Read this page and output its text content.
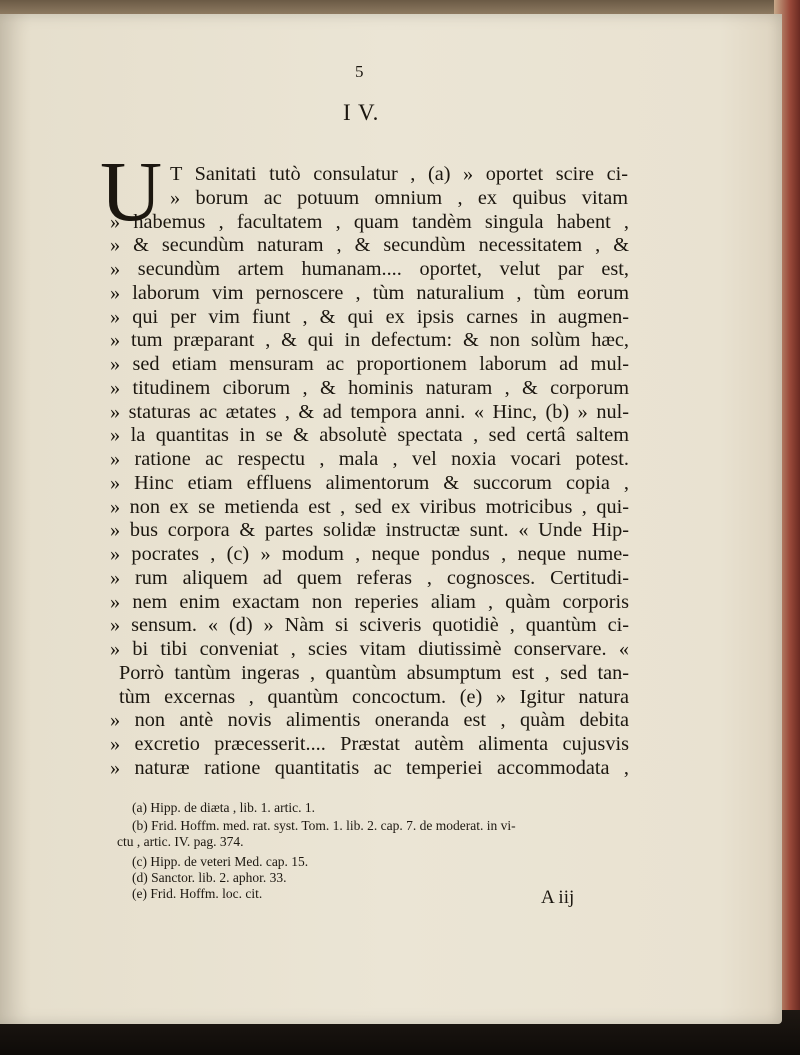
5
I V.
U T Sanitati tutò consulatur , (a) » oportet scire ci-
» borum ac potuum omnium , ex quibus vitam
» habemus , facultatem , quam tandèm singula habent ,
» & secundùm naturam , & secundùm necessitatem , &
» secundùm artem humanam.... oportet, velut par est,
» laborum vim pernoscere , tùm naturalium , tùm eorum
» qui per vim fiunt , & qui ex ipsis carnes in augmen-
» tum præparant , & qui in defectum: & non solùm hæc,
» sed etiam mensuram ac proportionem laborum ad mul-
» titudinem ciborum , & hominis naturam , & corporum
» staturas ac ætates , & ad tempora anni. « Hinc, (b) » nul-
» la quantitas in se & absolutè spectata , sed certâ saltem
» ratione ac respectu , mala , vel noxia vocari potest.
» Hinc etiam effluens alimentorum & succorum copia ,
» non ex se metienda est , sed ex viribus motricibus , qui-
» bus corpora & partes solidæ instructæ sunt. « Unde Hip-
» pocrates , (c) » modum , neque pondus , neque nume-
» rum aliquem ad quem referas , cognosces. Certitudi-
» nem enim exactam non reperies aliam , quàm corporis
» sensum. « (d) » Nàm si sciveris quotidiè , quantùm ci-
» bi tibi conveniat , scies vitam diutissimè conservare. «
Porrò tantùm ingeras , quantùm absumptum est , sed tan-
tùm excernas , quantùm concoctum. (e) » Igitur natura
» non antè novis alimentis oneranda est , quàm debita
» excretio præcesserit.... Præstat autèm alimenta cujusvis
» naturæ ratione quantitatis ac temperiei accommodata ,
(a) Hipp. de diæta , lib. 1. artic. 1.
(b) Frid. Hoffm. med. rat. syst. Tom. 1. lib. 2. cap. 7. de moderat. in vi-
ctu , artic. IV. pag. 374.
(c) Hipp. de veteri Med. cap. 15.
(d) Sanctor. lib. 2. aphor. 33.
(e) Frid. Hoffm. loc. cit.	A iij
